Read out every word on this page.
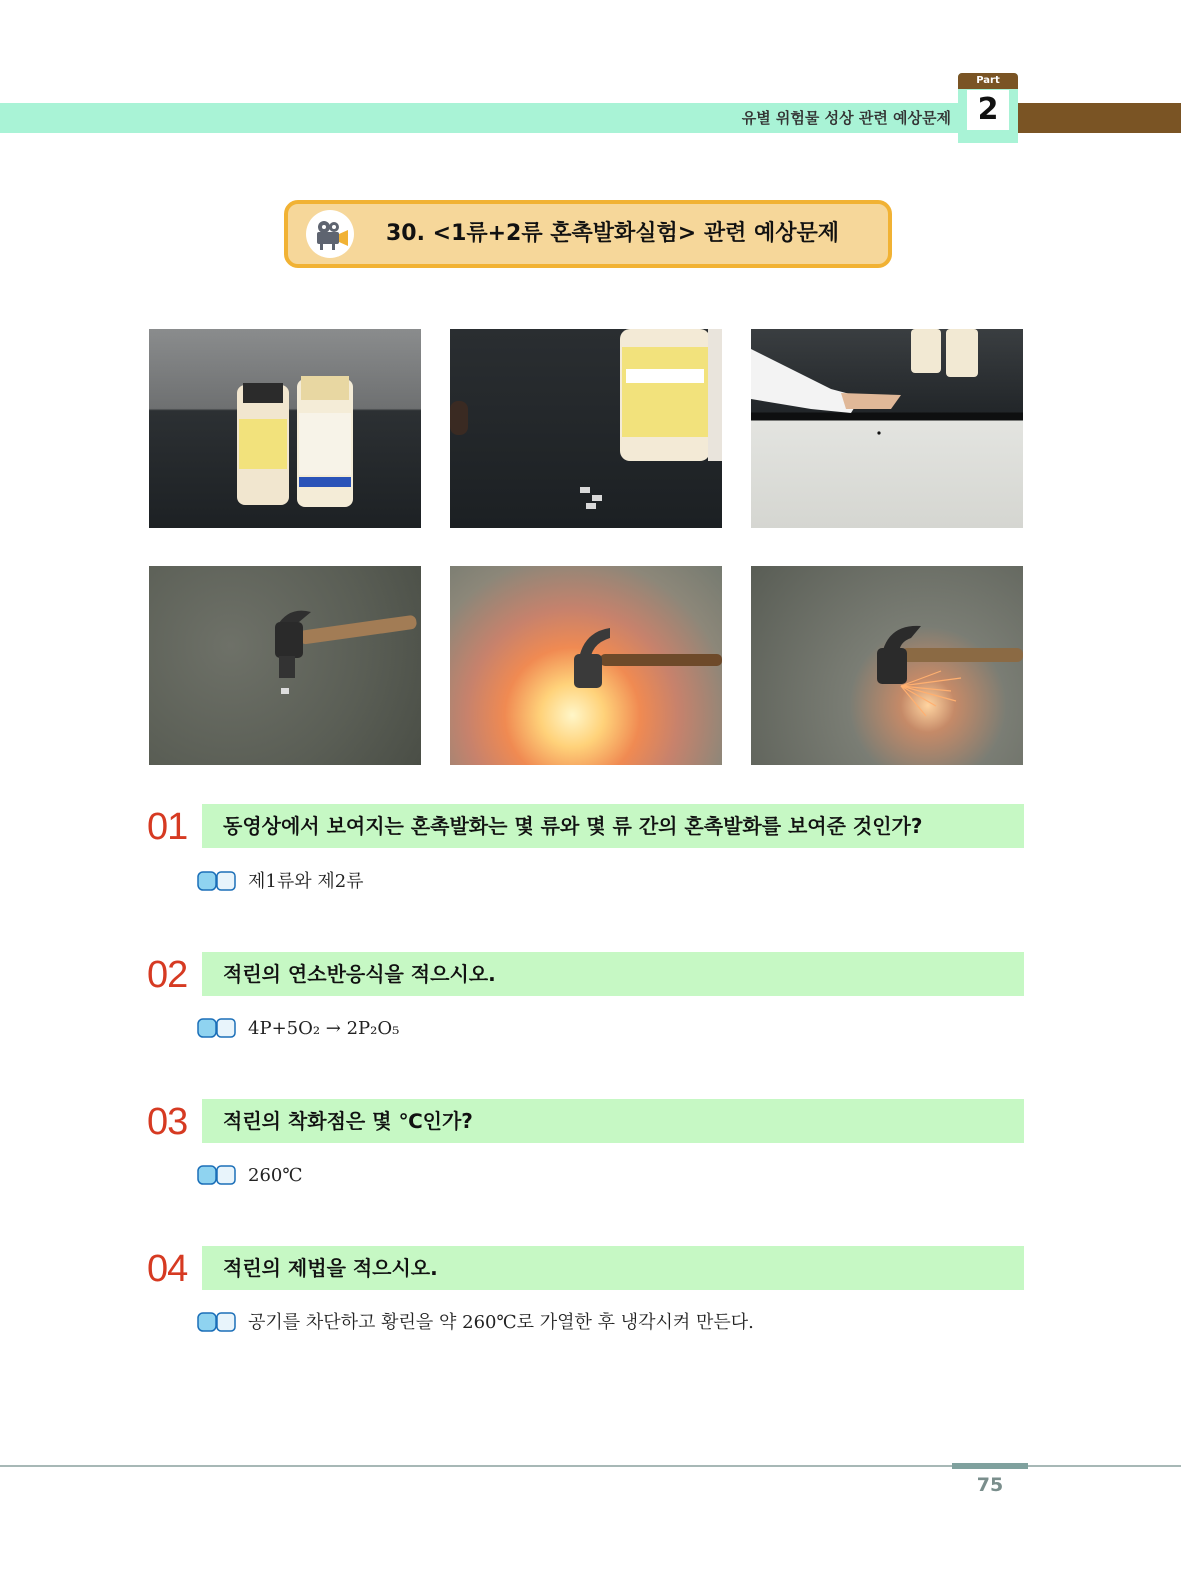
유별 위험물 성상 관련 예상문제
Part
2
30. <1류+2류 혼촉발화실험> 관련 예상문제
01 동영상에서 보여지는 혼촉발화는 몇 류와 몇 류 간의 혼촉발화를 보여준 것인가?
제1류와 제2류
02 적린의 연소반응식을 적으시오.
4P+5O₂ → 2P₂O₅
03 적린의 착화점은 몇 ℃인가?
260℃
04 적린의 제법을 적으시오.
공기를 차단하고 황린을 약 260℃로 가열한 후 냉각시켜 만든다.
75
